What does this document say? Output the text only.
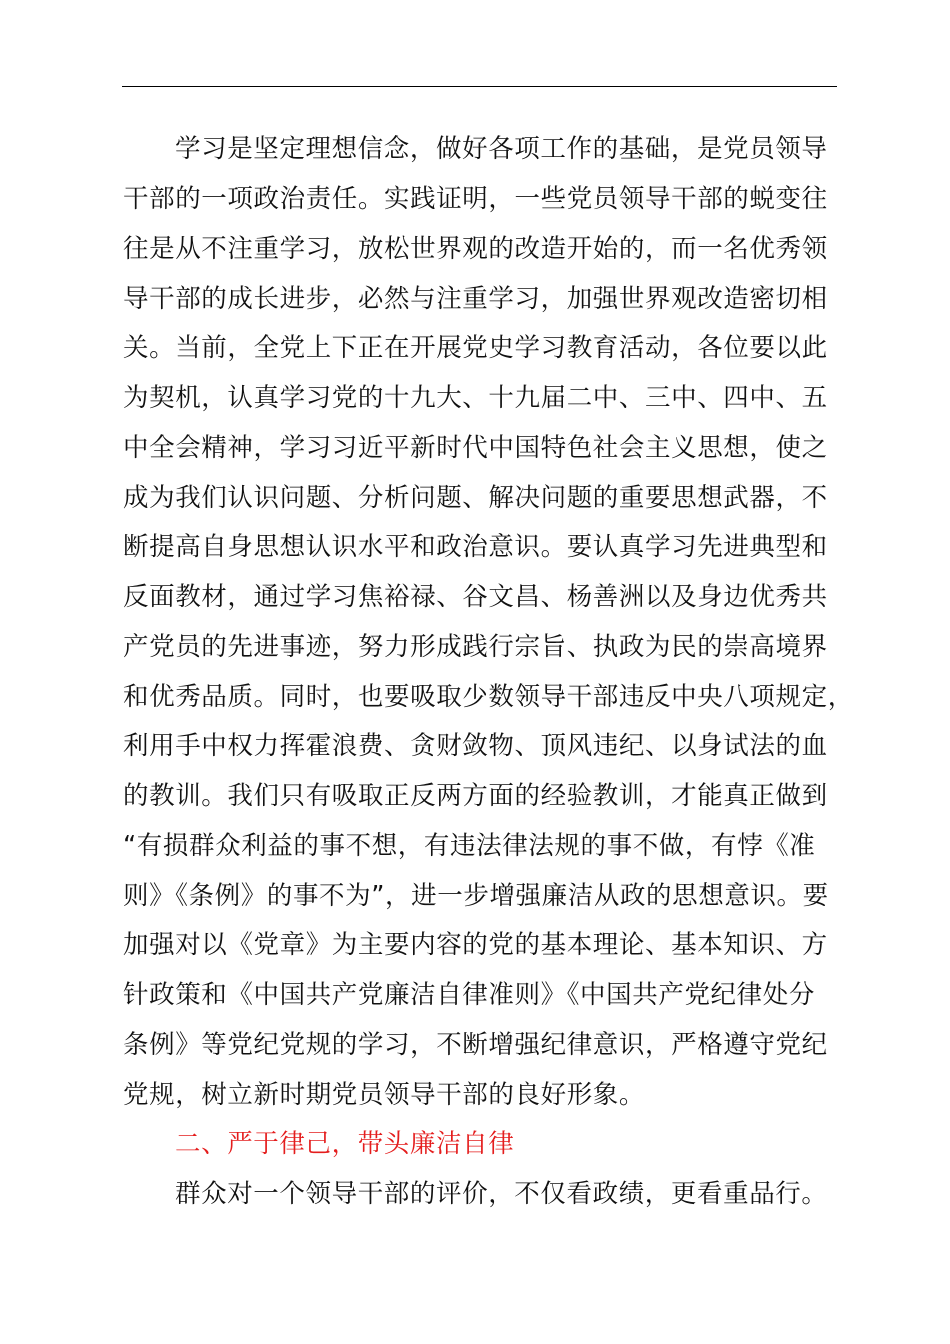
学习是坚定理想信念，做好各项工作的基础，是党员领导
干部的一项政治责任。实践证明，一些党员领导干部的蜕变往
往是从不注重学习，放松世界观的改造开始的，而一名优秀领
导干部的成长进步，必然与注重学习，加强世界观改造密切相
关。当前，全党上下正在开展党史学习教育活动，各位要以此
为契机，认真学习党的十九大、十九届二中、三中、四中、五
中全会精神，学习习近平新时代中国特色社会主义思想，使之
成为我们认识问题、分析问题、解决问题的重要思想武器，不
断提高自身思想认识水平和政治意识。要认真学习先进典型和
反面教材，通过学习焦裕禄、谷文昌、杨善洲以及身边优秀共
产党员的先进事迹，努力形成践行宗旨、执政为民的崇高境界
和优秀品质。同时，也要吸取少数领导干部违反中央八项规定，
利用手中权力挥霍浪费、贪财敛物、顶风违纪、以身试法的血
的教训。我们只有吸取正反两方面的经验教训，才能真正做到
“有损群众利益的事不想，有违法律法规的事不做，有悖《准
则》《条例》的事不为”，进一步增强廉洁从政的思想意识。要
加强对以《党章》为主要内容的党的基本理论、基本知识、方
针政策和《中国共产党廉洁自律准则》《中国共产党纪律处分
条例》等党纪党规的学习，不断增强纪律意识，严格遵守党纪
党规，树立新时期党员领导干部的良好形象。
二、严于律己，带头廉洁自律
群众对一个领导干部的评价，不仅看政绩，更看重品行。
